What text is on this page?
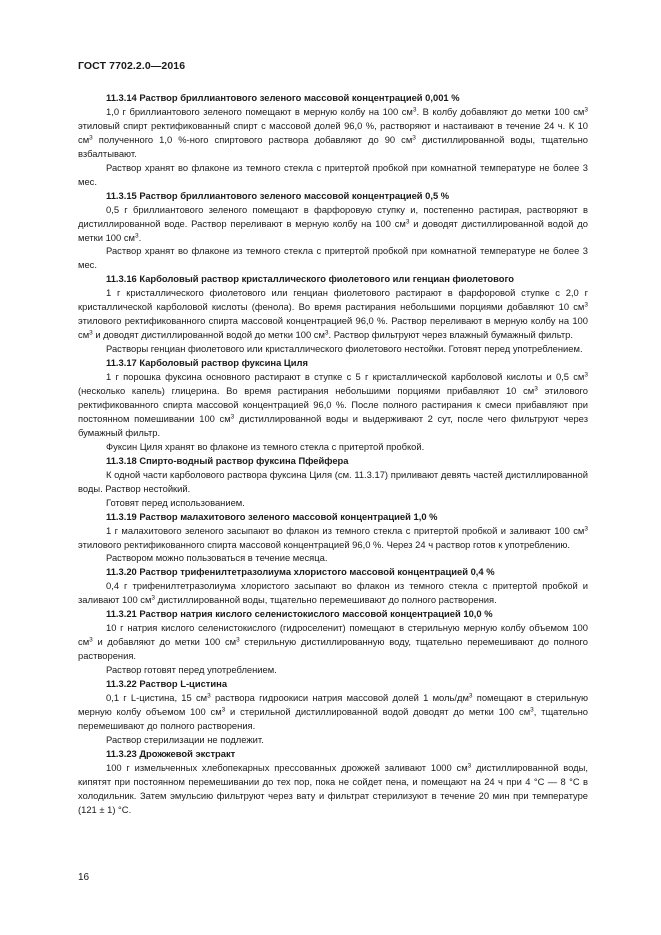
ГОСТ 7702.2.0—2016

11.3.14 Раствор бриллиантового зеленого массовой концентрацией 0,001 %

1,0 г бриллиантового зеленого помещают в мерную колбу на 100 $см^3$. В колбу добавляют до метки 100 $см^3$ этиловый спирт ректификованный спирт с массовой долей 96,0 %, растворяют и настаивают в течение 24 ч. К 10 $см^3$ полученного 1,0 %-ного спиртового раствора добавляют до 90 $см^3$ дистиллированной воды, тщательно взбалтывают.

Раствор хранят во флаконе из темного стекла с притертой пробкой при комнатной температуре не более 3 мес.

11.3.15 Раствор бриллиантового зеленого массовой концентрацией 0,5 %

0,5 г бриллиантового зеленого помещают в фарфоровую ступку и, постепенно растирая, растворяют в дистиллированной воде. Раствор переливают в мерную колбу на 100 $см^3$ и доводят дистиллированной водой до метки 100 $см^3$.

Раствор хранят во флаконе из темного стекла с притертой пробкой при комнатной температуре не более 3 мес.

11.3.16 Карболовый раствор кристаллического фиолетового или генциан фиолетового

1 г кристаллического фиолетового или генциан фиолетового растирают в фарфоровой ступке с 2,0 г кристаллической карболовой кислоты (фенола). Во время растирания небольшими порциями добавляют 10 $см^3$ этилового ректификованного спирта массовой концентрацией 96,0 %. Раствор переливают в мерную колбу на 100 $см^3$ и доводят дистиллированной водой до метки 100 $см^3$. Раствор фильтруют через влажный бумажный фильтр.

Растворы генциан фиолетового или кристаллического фиолетового нестойки. Готовят перед употреблением.

11.3.17 Карболовый раствор фуксина Циля

1 г порошка фуксина основного растирают в ступке с 5 г кристаллической карболовой кислоты и 0,5 $см^3$ (несколько капель) глицерина. Во время растирания небольшими порциями прибавляют 10 $см^3$ этилового ректификованного спирта массовой концентрацией 96,0 %. После полного растирания к смеси прибавляют при постоянном помешивании 100 $см^3$ дистиллированной воды и выдерживают 2 сут, после чего фильтруют через бумажный фильтр.

Фуксин Циля хранят во флаконе из темного стекла с притертой пробкой.

11.3.18 Спирто-водный раствор фуксина Пфейфера

К одной части карболового раствора фуксина Циля (см. 11.3.17) приливают девять частей дистиллированной воды. Раствор нестойкий.

Готовят перед использованием.

11.3.19 Раствор малахитового зеленого массовой концентрацией 1,0 %

1 г малахитового зеленого засыпают во флакон из темного стекла с притертой пробкой и заливают 100 $см^3$ этилового ректификованного спирта массовой концентрацией 96,0 %. Через 24 ч раствор готов к употреблению.

Раствором можно пользоваться в течение месяца.

11.3.20 Раствор трифенилтетразолиума хлористого массовой концентрацией 0,4 %

0,4 г трифенилтетразолиума хлористого засыпают во флакон из темного стекла с притертой пробкой и заливают 100 $см^3$ дистиллированной воды, тщательно перемешивают до полного растворения.

11.3.21 Раствор натрия кислого селенистокислого массовой концентрацией 10,0 %

10 г натрия кислого селенистокислого (гидроселенит) помещают в стерильную мерную колбу объемом 100 $см^3$ и добавляют до метки 100 $см^3$ стерильную дистиллированную воду, тщательно перемешивают до полного растворения.

Раствор готовят перед употреблением.

11.3.22 Раствор L-цистина

0,1 г L-цистина, 15 $см^3$ раствора гидроокиси натрия массовой долей 1 моль/$дм^3$ помещают в стерильную мерную колбу объемом 100 $см^3$ и стерильной дистиллированной водой доводят до метки 100 $см^3$, тщательно перемешивают до полного растворения.

Раствор стерилизации не подлежит.

11.3.23 Дрожжевой экстракт

100 г измельченных хлебопекарных прессованных дрожжей заливают 1000 $см^3$ дистиллированной воды, кипятят при постоянном перемешивании до тех пор, пока не сойдет пена, и помещают на 24 ч при 4 °C — 8 °C в холодильник. Затем эмульсию фильтруют через вату и фильтрат стерилизуют в течение 20 мин при температуре (121 ± 1) °C.

16
